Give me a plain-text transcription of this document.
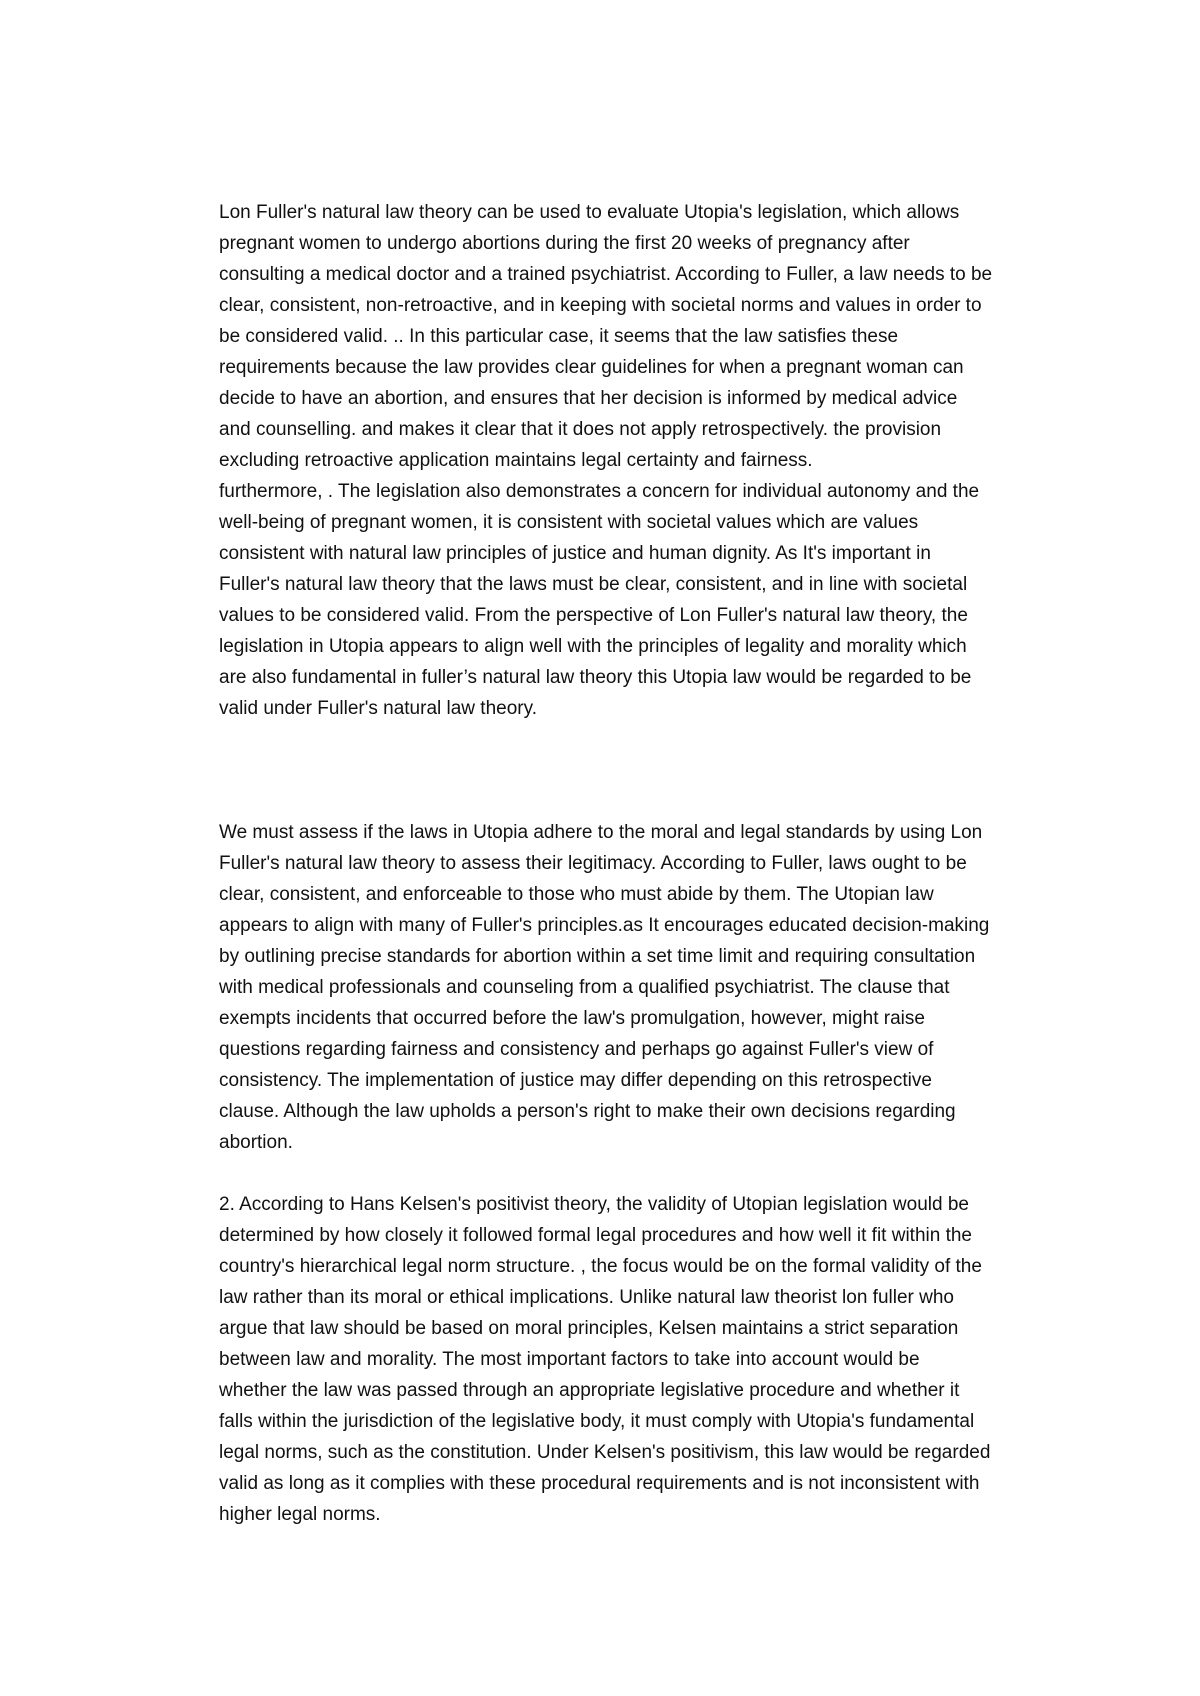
Lon Fuller's natural law theory can be used to evaluate Utopia's legislation, which allows
pregnant women to undergo abortions during the first 20 weeks of pregnancy after
consulting a medical doctor and a trained psychiatrist. According to Fuller, a law needs to be
clear, consistent, non-retroactive, and in keeping with societal norms and values in order to
be considered valid. .. In this particular case, it seems that the law satisfies these
requirements because the law provides clear guidelines for when a pregnant woman can
decide to have an abortion, and ensures that her decision is informed by medical advice
and counselling. and makes it clear that it does not apply retrospectively. the provision
excluding retroactive application maintains legal certainty and fairness.
furthermore, . The legislation also demonstrates a concern for individual autonomy and the
well-being of pregnant women, it is consistent with societal values which are values
consistent with natural law principles of justice and human dignity. As It's important in
Fuller's natural law theory that the laws must be clear, consistent, and in line with societal
values to be considered valid. From the perspective of Lon Fuller's natural law theory, the
legislation in Utopia appears to align well with the principles of legality and morality which
are also fundamental in fuller’s natural law theory this Utopia law would be regarded to be
valid under Fuller's natural law theory.
We must assess if the laws in Utopia adhere to the moral and legal standards by using Lon
Fuller's natural law theory to assess their legitimacy. According to Fuller, laws ought to be
clear, consistent, and enforceable to those who must abide by them. The Utopian law
appears to align with many of Fuller's principles.as It encourages educated decision-making
by outlining precise standards for abortion within a set time limit and requiring consultation
with medical professionals and counseling from a qualified psychiatrist. The clause that
exempts incidents that occurred before the law's promulgation, however, might raise
questions regarding fairness and consistency and perhaps go against Fuller's view of
consistency. The implementation of justice may differ depending on this retrospective
clause. Although the law upholds a person's right to make their own decisions regarding
abortion.
2. According to Hans Kelsen's positivist theory, the validity of Utopian legislation would be
determined by how closely it followed formal legal procedures and how well it fit within the
country's hierarchical legal norm structure. , the focus would be on the formal validity of the
law rather than its moral or ethical implications. Unlike natural law theorist lon fuller who
argue that law should be based on moral principles, Kelsen maintains a strict separation
between law and morality. The most important factors to take into account would be
whether the law was passed through an appropriate legislative procedure and whether it
falls within the jurisdiction of the legislative body, it must comply with Utopia's fundamental
legal norms, such as the constitution. Under Kelsen's positivism, this law would be regarded
valid as long as it complies with these procedural requirements and is not inconsistent with
higher legal norms.
